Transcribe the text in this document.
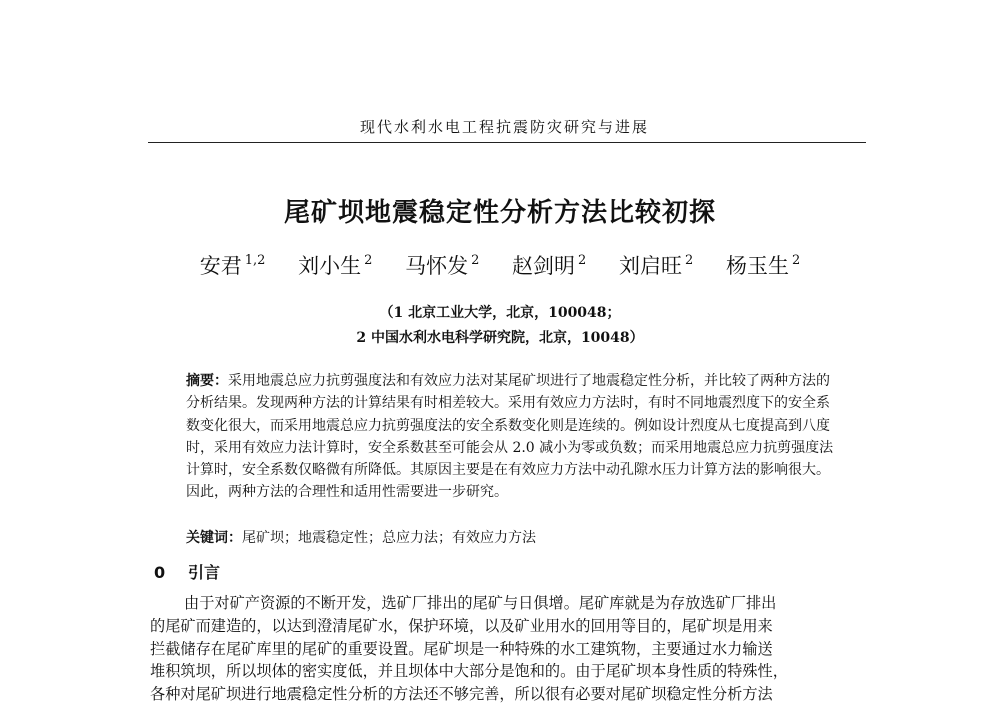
现代水利水电工程抗震防灾研究与进展
尾矿坝地震稳定性分析方法比较初探
安君 $^{1,2}$ 刘小生 $^2$ 马怀发 $^2$ 赵剑明 $^2$ 刘启旺 $^2$ 杨玉生 $^2$
（1 北京工业大学，北京，100048；
2 中国水利水电科学研究院，北京，10048）
摘要：采用地震总应力抗剪强度法和有效应力法对某尾矿坝进行了地震稳定性分析，并比较了两种方法的分析结果。发现两种方法的计算结果有时相差较大。采用有效应力方法时，有时不同地震烈度下的安全系数变化很大，而采用地震总应力抗剪强度法的安全系数变化则是连续的。例如设计烈度从七度提高到八度时，采用有效应力法计算时，安全系数甚至可能会从 2.0 减小为零或负数；而采用地震总应力抗剪强度法计算时，安全系数仅略微有所降低。其原因主要是在有效应力方法中动孔隙水压力计算方法的影响很大。因此，两种方法的合理性和适用性需要进一步研究。
关键词：尾矿坝；地震稳定性；总应力法；有效应力方法
0 引言
由于对矿产资源的不断开发，选矿厂排出的尾矿与日俱增。尾矿库就是为存放选矿厂排出
的尾矿而建造的，以达到澄清尾矿水，保护环境，以及矿业用水的回用等目的，尾矿坝是用来
拦截储存在尾矿库里的尾矿的重要设置。尾矿坝是一种特殊的水工建筑物，主要通过水力输送
堆积筑坝，所以坝体的密实度低，并且坝体中大部分是饱和的。由于尾矿坝本身性质的特殊性，
各种对尾矿坝进行地震稳定性分析的方法还不够完善，所以很有必要对尾矿坝稳定性分析方法
